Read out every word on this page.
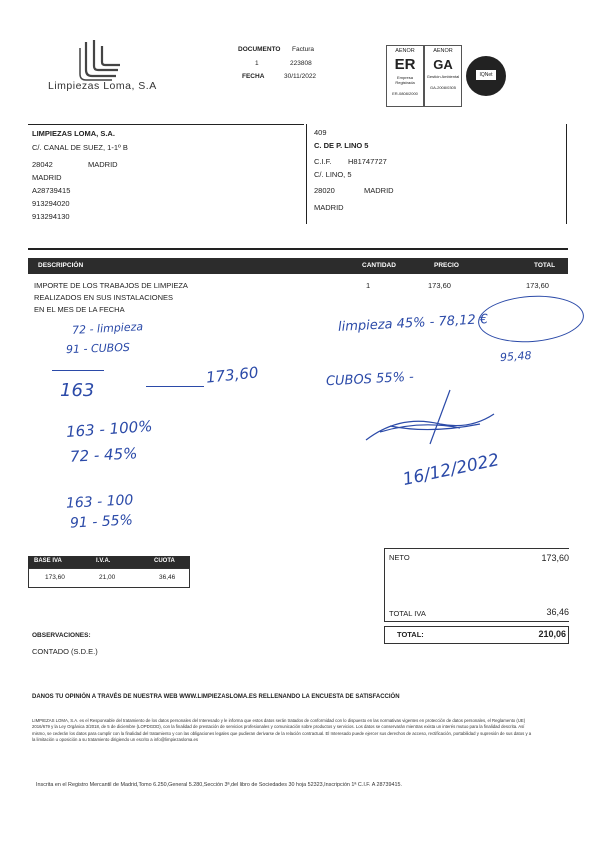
Limpiezas Loma, S.A
DOCUMENTO Factura
1	223808
FECHA	30/11/2022
AENOR
ER
Empresa Registrada
ER-0808/2000
AENOR
GA
Gestión Ambiental
GA-2008/0305
IQNet
LIMPIEZAS LOMA, S.A.
C/. CANAL DE SUEZ, 1-1º B
28042	MADRID
MADRID
A28739415
913294020
913294130
409
C. DE P. LINO 5
C.I.F. H81747727
C/. LINO, 5
28020	MADRID
MADRID
DESCRIPCIÓN	CANTIDAD	PRECIO	TOTAL
IMPORTE DE LOS TRABAJOS DE LIMPIEZA
REALIZADOS EN SUS INSTALACIONES
EN EL MES DE LA FECHA
1	173,60	173,60
72 - limpieza
91 - CUBOS
163
173,60
limpieza 45% - 78,12 €
CUBOS 55% -
95,48
163 - 100%
72 - 45%	16/12/2022
163 - 100
91 - 55%
BASE IVA	I.V.A.	CUOTA
173,60	21,00	36,46
NETO	173,60
TOTAL IVA	36,46
TOTAL:	210,06
OBSERVACIONES:
CONTADO (S.D.E.)
DANOS TU OPINIÓN A TRAVÉS DE NUESTRA WEB WWW.LIMPIEZASLOMA.ES RELLENANDO LA ENCUESTA DE SATISFACCIÓN
LIMPIEZAS LOMA, S.A. es el Responsable del tratamiento de los datos personales del Interesado y le informa que estos datos serán tratados de conformidad con lo dispuesto en las normativas vigentes en protección de datos personales, el Reglamento (UE) 2016/679 y la Ley Orgánica 3/2018, de 5 de diciembre (LOPDGDD), con la finalidad de prestación de servicios profesionales y comunicación sobre productos y servicios. Los datos se conservarán mientras exista un interés mutuo para la finalidad descrita. Así mismo, se cederán los datos para cumplir con la finalidad del tratamiento y con las obligaciones legales que pudieran derivarse de la relación contractual. El Interesado puede ejercer sus derechos de acceso, rectificación, portabilidad y supresión de sus datos y a la limitación u oposición a su tratamiento dirigiendo un escrito a info@limpiezasloma.es
Inscrita en el Registro Mercantil de Madrid,Tomo 6.250,General 5.280,Sección 3ª,del libro de Sociedades 30 hoja 52323,Inscripción 1ª C.I.F. A 28739415.
